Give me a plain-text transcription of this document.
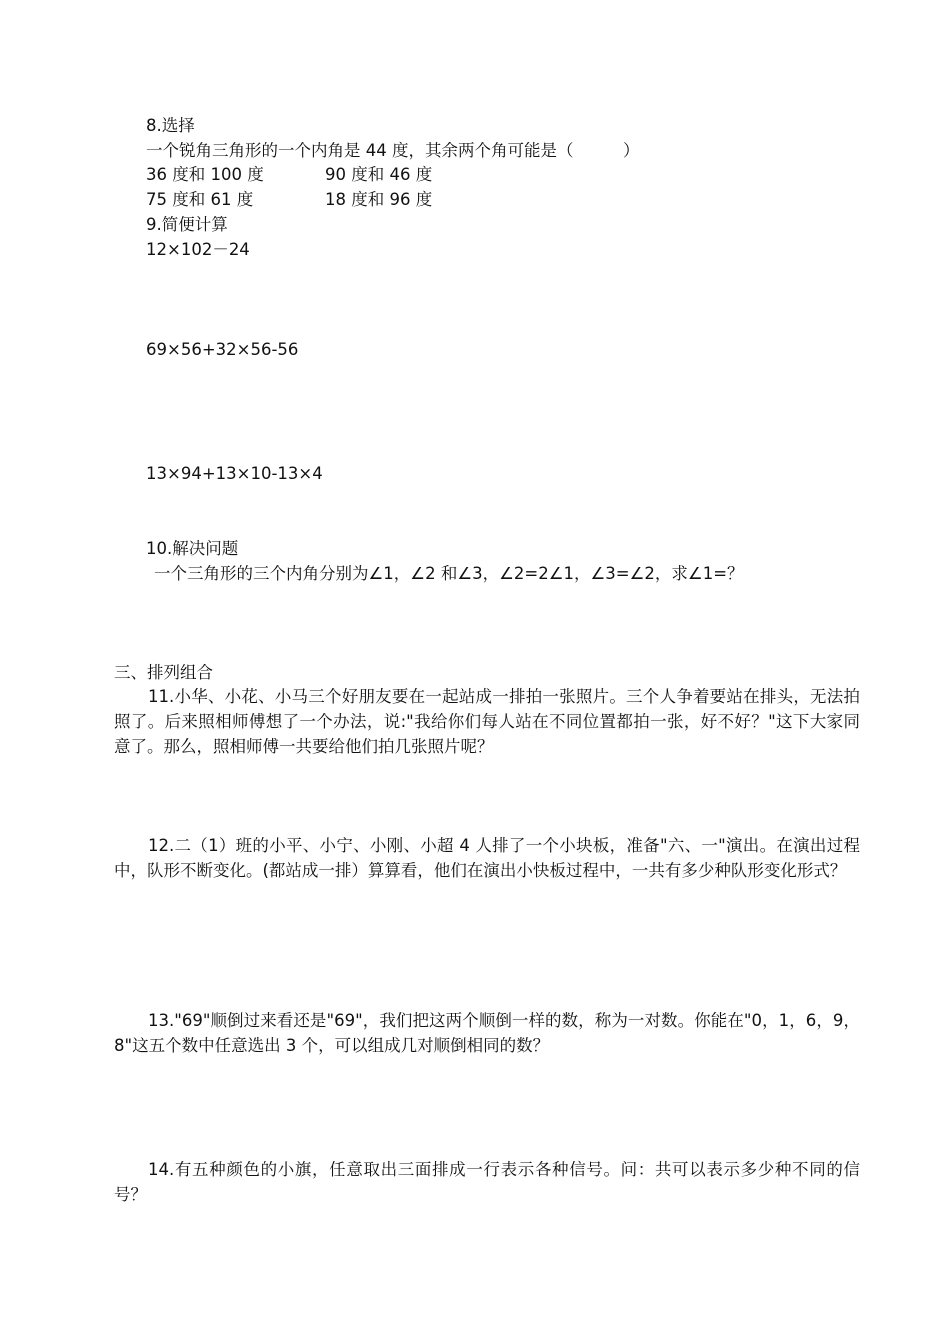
8.选择
一个锐角三角形的一个内角是 44 度，其余两个角可能是（　　　）
36 度和 100 度	90 度和 46 度
75 度和 61 度	18 度和 96 度
9.简便计算
12×102－24
69×56+32×56-56
13×94+13×10-13×4
10.解决问题
一个三角形的三个内角分别为∠1，∠2 和∠3，∠2=2∠1，∠3=∠2，求∠1=？
三、排列组合
11.小华、小花、小马三个好朋友要在一起站成一排拍一张照片。三个人争着要站在排头，无法拍照了。后来照相师傅想了一个办法，说:"我给你们每人站在不同位置都拍一张，好不好？"这下大家同意了。那么，照相师傅一共要给他们拍几张照片呢？
12.二（1）班的小平、小宁、小刚、小超 4 人排了一个小块板，准备"六、一"演出。在演出过程中，队形不断变化。(都站成一排）算算看，他们在演出小快板过程中，一共有多少种队形变化形式？
13."69"顺倒过来看还是"69"，我们把这两个顺倒一样的数，称为一对数。你能在"0，1，6，9，8"这五个数中任意选出 3 个，可以组成几对顺倒相同的数？
14.有五种颜色的小旗，任意取出三面排成一行表示各种信号。问：共可以表示多少种不同的信号？
